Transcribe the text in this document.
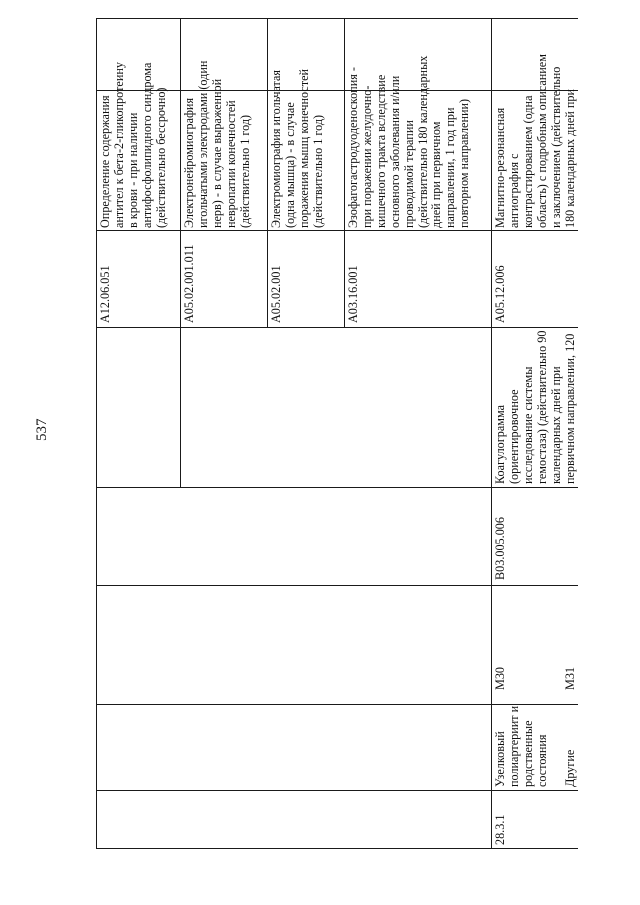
537
Определение содержания антител к бета-2-гликопротеину в крови - при наличии антифосфолипидного синдрома (действительно бессрочно)
A12.06.051
Электронейромиография игольчатыми электродами (один нерв) - в случае выраженной невропатии конечностей (действительно 1 год)
A05.02.001.011
Электромиография игольчатая (одна мышца) - в случае поражения мышц конечностей (действительно 1 год)
A05.02.001
Эзофагогастродуоденоскопия - при поражении желудочно- кишечного тракта вследствие основного заболевания и/или проводимой терапии (действительно 180 календарных дней при первичном направлении, 1 год при повторном направлении)
A03.16.001
Магнитно-резонансная ангиография с контрастированием (одна область) с подробным описанием и заключением (действительно 180 календарных дней при
A05.12.006
Коагулограмма (ориентировочное исследование системы гемостаза) (действительно 90 календарных дней при первичном направлении, 120
B03.005.006
M30	M31
Узелковый полиартериит и родственные состояния Другие
28.3.1
